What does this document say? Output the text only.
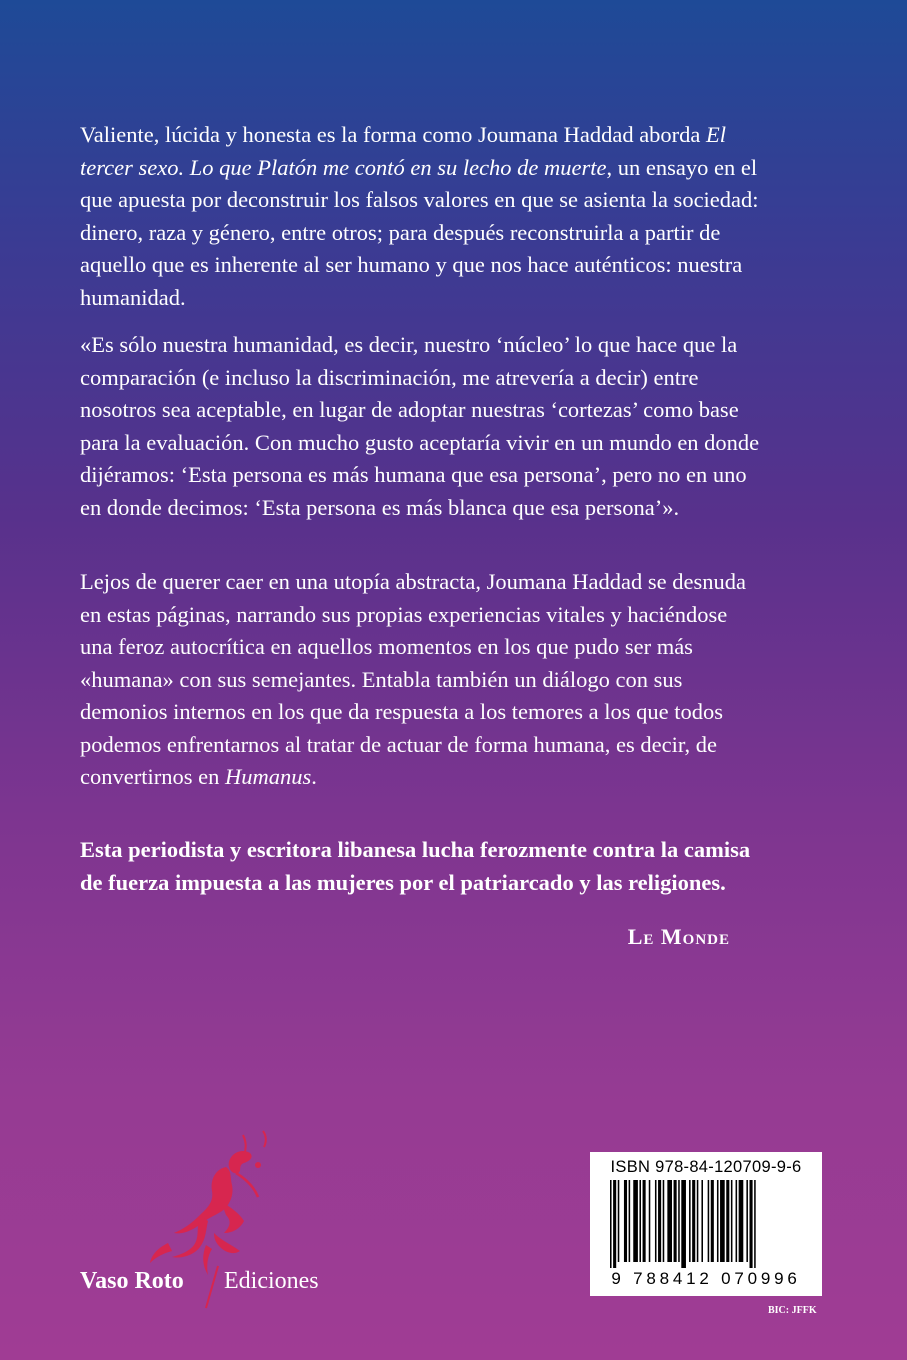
Valiente, lúcida y honesta es la forma como Joumana Haddad aborda El tercer sexo. Lo que Platón me contó en su lecho de muerte, un ensayo en el que apuesta por deconstruir los falsos valores en que se asienta la sociedad: dinero, raza y género, entre otros; para después reconstruirla a partir de aquello que es inherente al ser humano y que nos hace auténticos: nuestra humanidad.

«Es sólo nuestra humanidad, es decir, nuestro ‘núcleo’ lo que hace que la comparación (e incluso la discriminación, me atrevería a decir) entre nosotros sea aceptable, en lugar de adoptar nuestras ‘cortezas’ como base para la evaluación. Con mucho gusto aceptaría vivir en un mundo en donde dijéramos: ‘Esta persona es más humana que esa persona’, pero no en uno en donde decimos: ‘Esta persona es más blanca que esa persona’».

Lejos de querer caer en una utopía abstracta, Joumana Haddad se desnuda en estas páginas, narrando sus propias experiencias vitales y haciéndose una feroz autocrítica en aquellos momentos en los que pudo ser más «humana» con sus semejantes. Entabla también un diálogo con sus demonios internos en los que da respuesta a los temores a los que todos podemos enfrentarnos al tratar de actuar de forma humana, es decir, de convertirnos en Humanus.

Esta periodista y escritora libanesa lucha ferozmente contra la camisa de fuerza impuesta a las mujeres por el patriarcado y las religiones.

Le Monde
Vaso Roto Ediciones
ISBN 978-84-120709-9-6
9 788412 070996
BIC: JFFK
